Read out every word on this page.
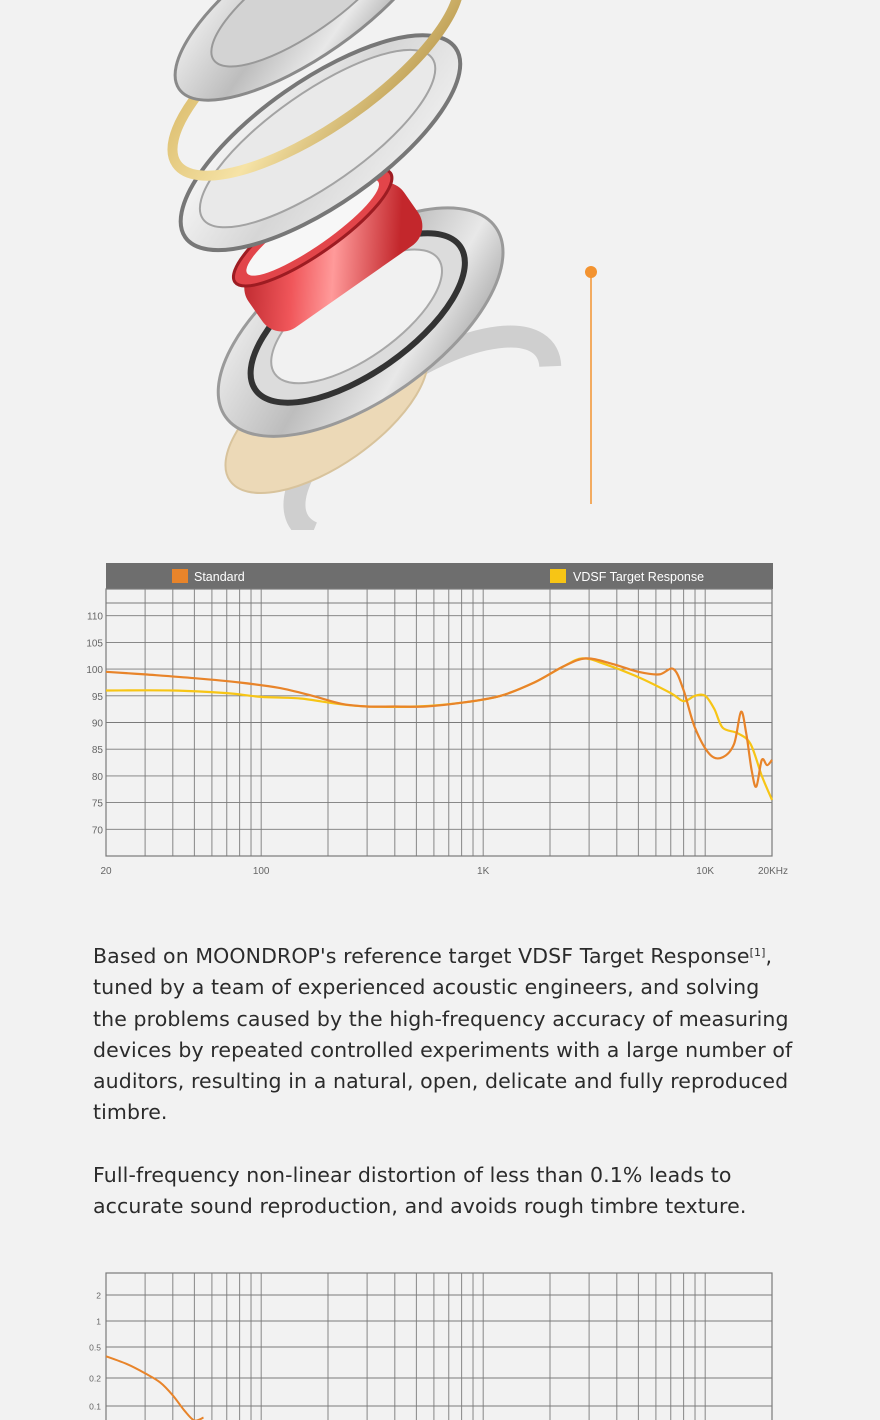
Standard	VDSF Target Response
110
105
100
95
90
85
80
75
70
20	100	1K	10K	20KHz

Based on MOONDROP's reference target VDSF Target Response[1], tuned by a team of experienced acoustic engineers, and solving the problems caused by the high-frequency accuracy of measuring devices by repeated controlled experiments with a large number of auditors, resulting in a natural, open, delicate and fully reproduced timbre.

Full-frequency non-linear distortion of less than 0.1% leads to accurate sound reproduction, and avoids rough timbre texture.

2
1
0.5
0.2
0.1
